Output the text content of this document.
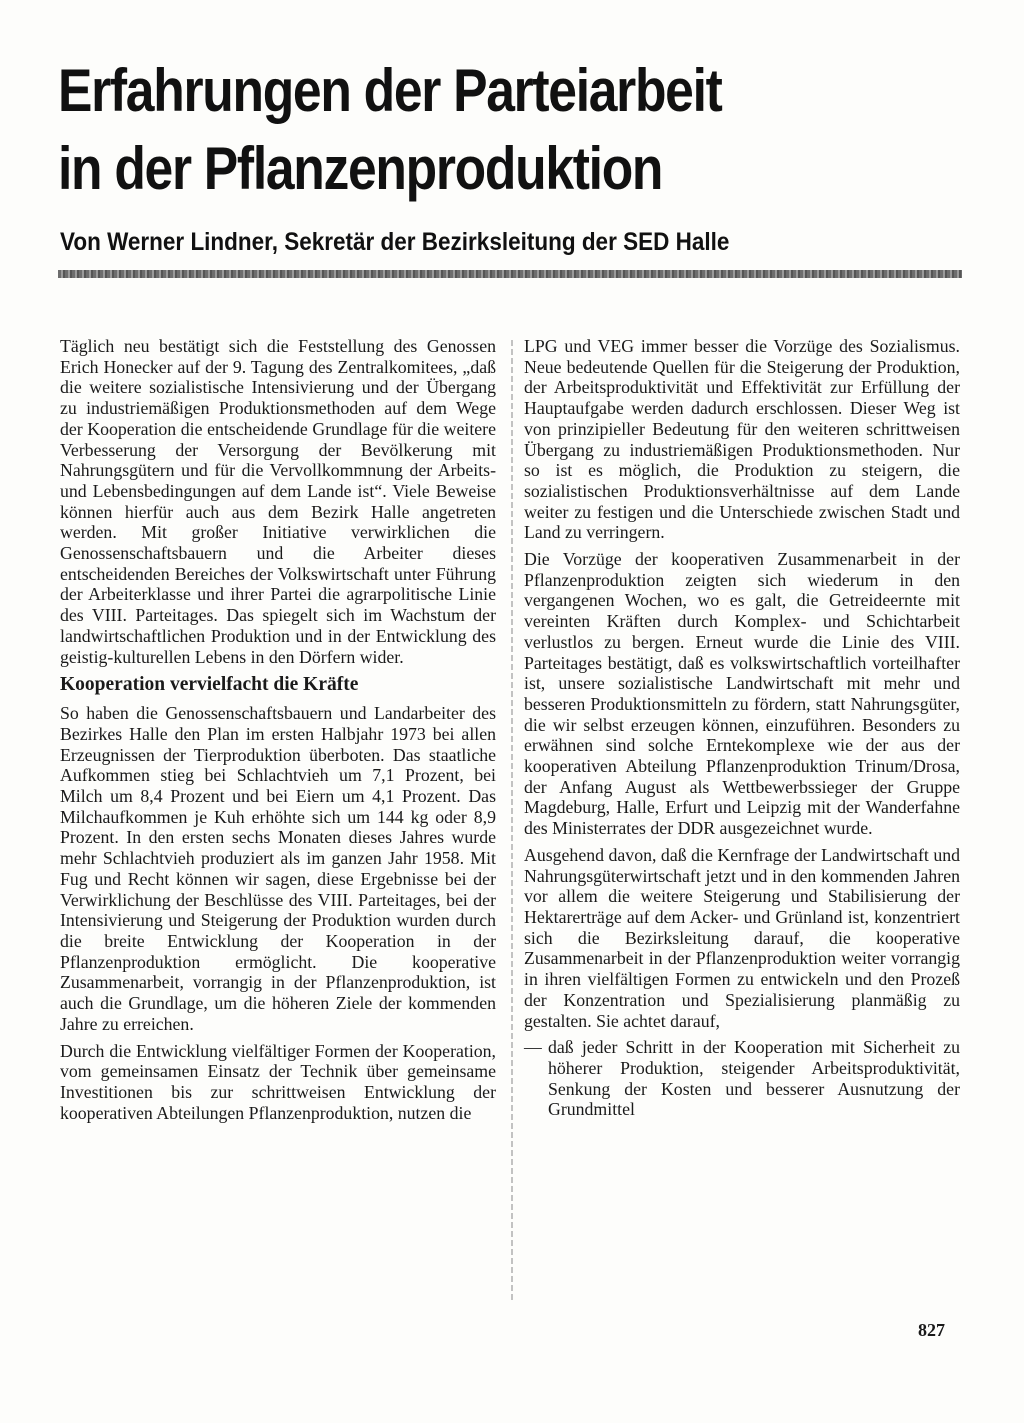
Erfahrungen der Parteiarbeit
in der Pflanzenproduktion
Von Werner Lindner, Sekretär der Bezirksleitung der SED Halle

Täglich neu bestätigt sich die Feststellung des Genossen Erich Honecker auf der 9. Tagung des Zentralkomitees, „daß die weitere sozialistische Intensivierung und der Übergang zu industriemäßigen Produktionsmethoden auf dem Wege der Kooperation die entscheidende Grundlage für die weitere Verbesserung der Versorgung der Bevölkerung mit Nahrungsgütern und für die Vervollkommnung der Arbeits- und Lebensbedingungen auf dem Lande ist“. Viele Beweise können hierfür auch aus dem Bezirk Halle angetreten werden. Mit großer Initiative verwirklichen die Genossenschaftsbauern und die Arbeiter dieses entscheidenden Bereiches der Volkswirtschaft unter Führung der Arbeiterklasse und ihrer Partei die agrarpolitische Linie des VIII. Parteitages. Das spiegelt sich im Wachstum der landwirtschaftlichen Produktion und in der Entwicklung des geistig-kulturellen Lebens in den Dörfern wider.

Kooperation vervielfacht die Kräfte

So haben die Genossenschaftsbauern und Landarbeiter des Bezirkes Halle den Plan im ersten Halbjahr 1973 bei allen Erzeugnissen der Tierproduktion überboten. Das staatliche Aufkommen stieg bei Schlachtvieh um 7,1 Prozent, bei Milch um 8,4 Prozent und bei Eiern um 4,1 Prozent. Das Milchaufkommen je Kuh erhöhte sich um 144 kg oder 8,9 Prozent. In den ersten sechs Monaten dieses Jahres wurde mehr Schlachtvieh produziert als im ganzen Jahr 1958. Mit Fug und Recht können wir sagen, diese Ergebnisse bei der Verwirklichung der Beschlüsse des VIII. Parteitages, bei der Intensivierung und Steigerung der Produktion wurden durch die breite Entwicklung der Kooperation in der Pflanzenproduktion ermöglicht. Die kooperative Zusammenarbeit, vorrangig in der Pflanzenproduktion, ist auch die Grundlage, um die höheren Ziele der kommenden Jahre zu erreichen.

Durch die Entwicklung vielfältiger Formen der Kooperation, vom gemeinsamen Einsatz der Technik über gemeinsame Investitionen bis zur schrittweisen Entwicklung der kooperativen Abteilungen Pflanzenproduktion, nutzen die

LPG und VEG immer besser die Vorzüge des Sozialismus. Neue bedeutende Quellen für die Steigerung der Produktion, der Arbeitsproduktivität und Effektivität zur Erfüllung der Hauptaufgabe werden dadurch erschlossen. Dieser Weg ist von prinzipieller Bedeutung für den weiteren schrittweisen Übergang zu industriemäßigen Produktionsmethoden. Nur so ist es möglich, die Produktion zu steigern, die sozialistischen Produktionsverhältnisse auf dem Lande weiter zu festigen und die Unterschiede zwischen Stadt und Land zu verringern.

Die Vorzüge der kooperativen Zusammenarbeit in der Pflanzenproduktion zeigten sich wiederum in den vergangenen Wochen, wo es galt, die Getreideernte mit vereinten Kräften durch Komplex- und Schichtarbeit verlustlos zu bergen. Erneut wurde die Linie des VIII. Parteitages bestätigt, daß es volkswirtschaftlich vorteilhafter ist, unsere sozialistische Landwirtschaft mit mehr und besseren Produktionsmitteln zu fördern, statt Nahrungsgüter, die wir selbst erzeugen können, einzuführen. Besonders zu erwähnen sind solche Erntekomplexe wie der aus der kooperativen Abteilung Pflanzenproduktion Trinum/Drosa, der Anfang August als Wettbewerbssieger der Gruppe Magdeburg, Halle, Erfurt und Leipzig mit der Wanderfahne des Ministerrates der DDR ausgezeichnet wurde.

Ausgehend davon, daß die Kernfrage der Landwirtschaft und Nahrungsgüterwirtschaft jetzt und in den kommenden Jahren vor allem die weitere Steigerung und Stabilisierung der Hektarerträge auf dem Acker- und Grünland ist, konzentriert sich die Bezirksleitung darauf, die kooperative Zusammenarbeit in der Pflanzenproduktion weiter vorrangig in ihren vielfältigen Formen zu entwickeln und den Prozeß der Konzentration und Spezialisierung planmäßig zu gestalten. Sie achtet darauf,

— daß jeder Schritt in der Kooperation mit Sicherheit zu höherer Produktion, steigender Arbeitsproduktivität, Senkung der Kosten und besserer Ausnutzung der Grundmittel
827
